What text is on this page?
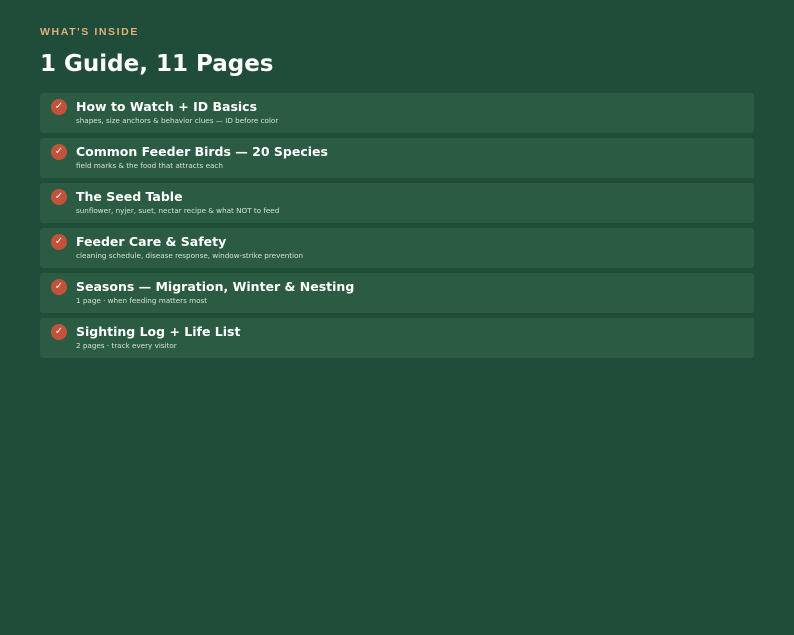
WHAT'S INSIDE

1 Guide, 11 Pages
✓	How to Watch + ID Basics
shapes, size anchors & behavior clues — ID before color
✓	Common Feeder Birds — 20 Species
field marks & the food that attracts each
✓	The Seed Table
sunflower, nyjer, suet, nectar recipe & what NOT to feed
✓	Feeder Care & Safety
cleaning schedule, disease response, window-strike prevention
✓	Seasons — Migration, Winter & Nesting
1 page · when feeding matters most
✓	Sighting Log + Life List
2 pages · track every visitor
